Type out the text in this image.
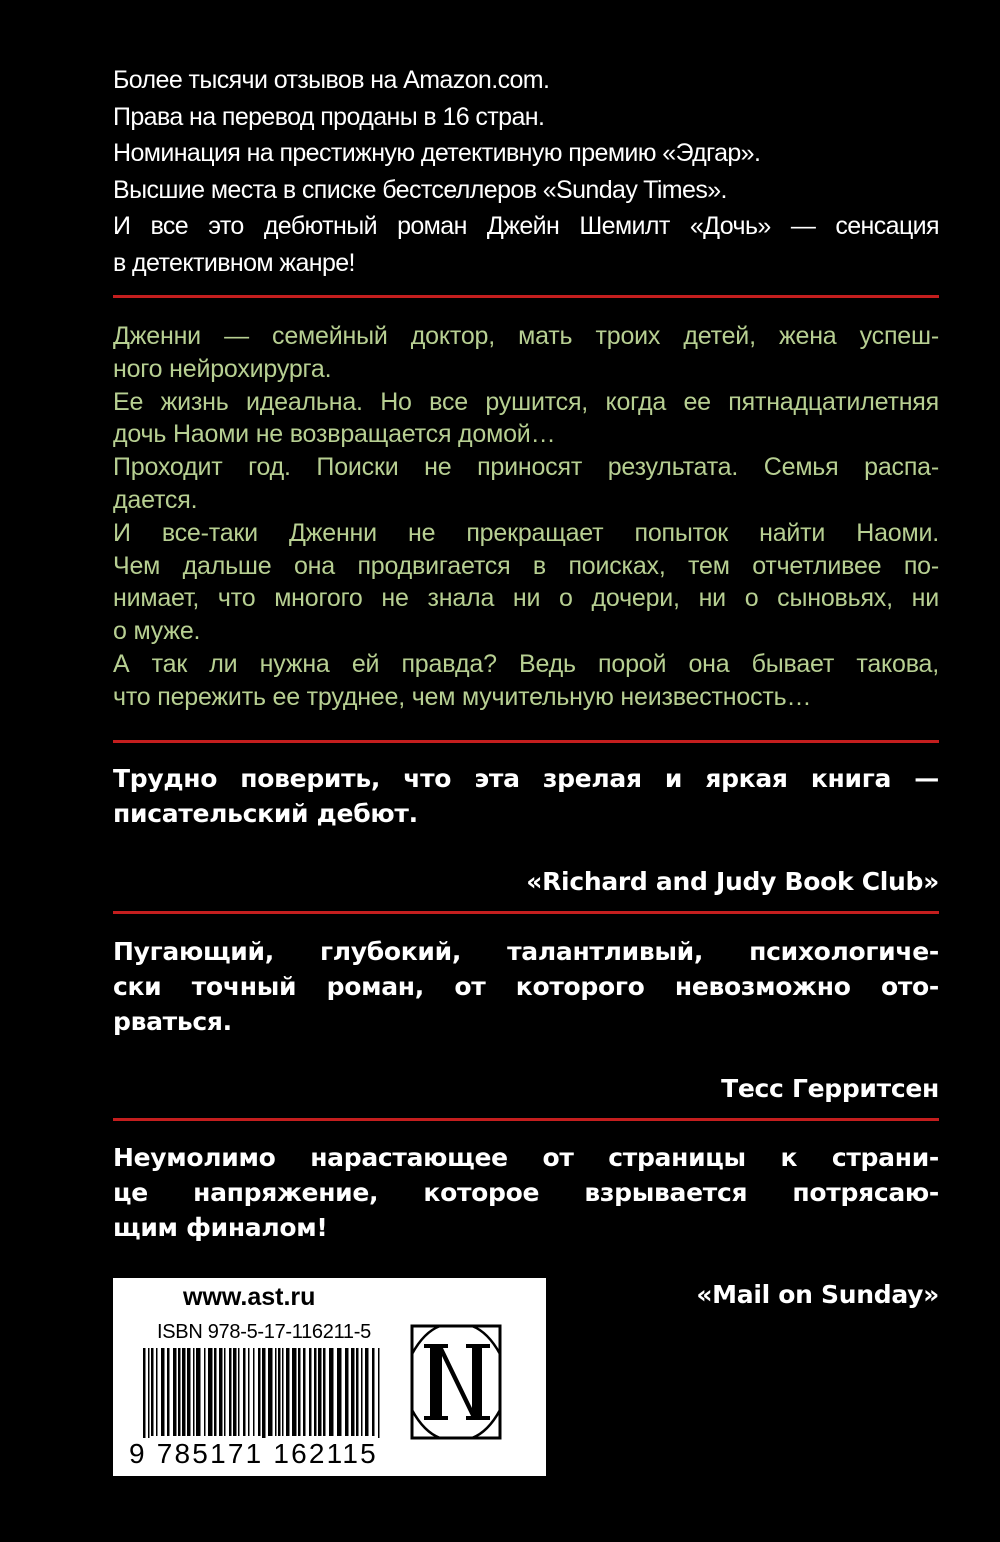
Более тысячи отзывов на Amazon.com.
Права на перевод проданы в 16 стран.
Номинация на престижную детективную премию «Эдгар».
Высшие места в списке бестселлеров «Sunday Times».
И все это дебютный роман Джейн Шемилт «Дочь» — сенсация
в детективном жанре!
Дженни — семейный доктор, мать троих детей, жена успеш-
ного нейрохирурга.
Ее жизнь идеальна. Но все рушится, когда ее пятнадцатилетняя
дочь Наоми не возвращается домой…
Проходит год. Поиски не приносят результата. Семья распа-
дается.
И все-таки Дженни не прекращает попыток найти Наоми.
Чем дальше она продвигается в поисках, тем отчетливее по-
нимает, что многого не знала ни о дочери, ни о сыновьях, ни
о муже.
А так ли нужна ей правда? Ведь порой она бывает такова,
что пережить ее труднее, чем мучительную неизвестность…
Трудно поверить, что эта зрелая и яркая книга —
писательский дебют.
«Richard and Judy Book Club»
Пугающий, глубокий, талантливый, психологиче-
ски точный роман, от которого невозможно ото-
рваться.
Тесс Герритсен
Неумолимо нарастающее от страницы к страни-
це напряжение, которое взрывается потрясаю-
щим финалом!
«Mail on Sunday»
www.ast.ru
ISBN 978-5-17-116211-5
9 785171 162115
